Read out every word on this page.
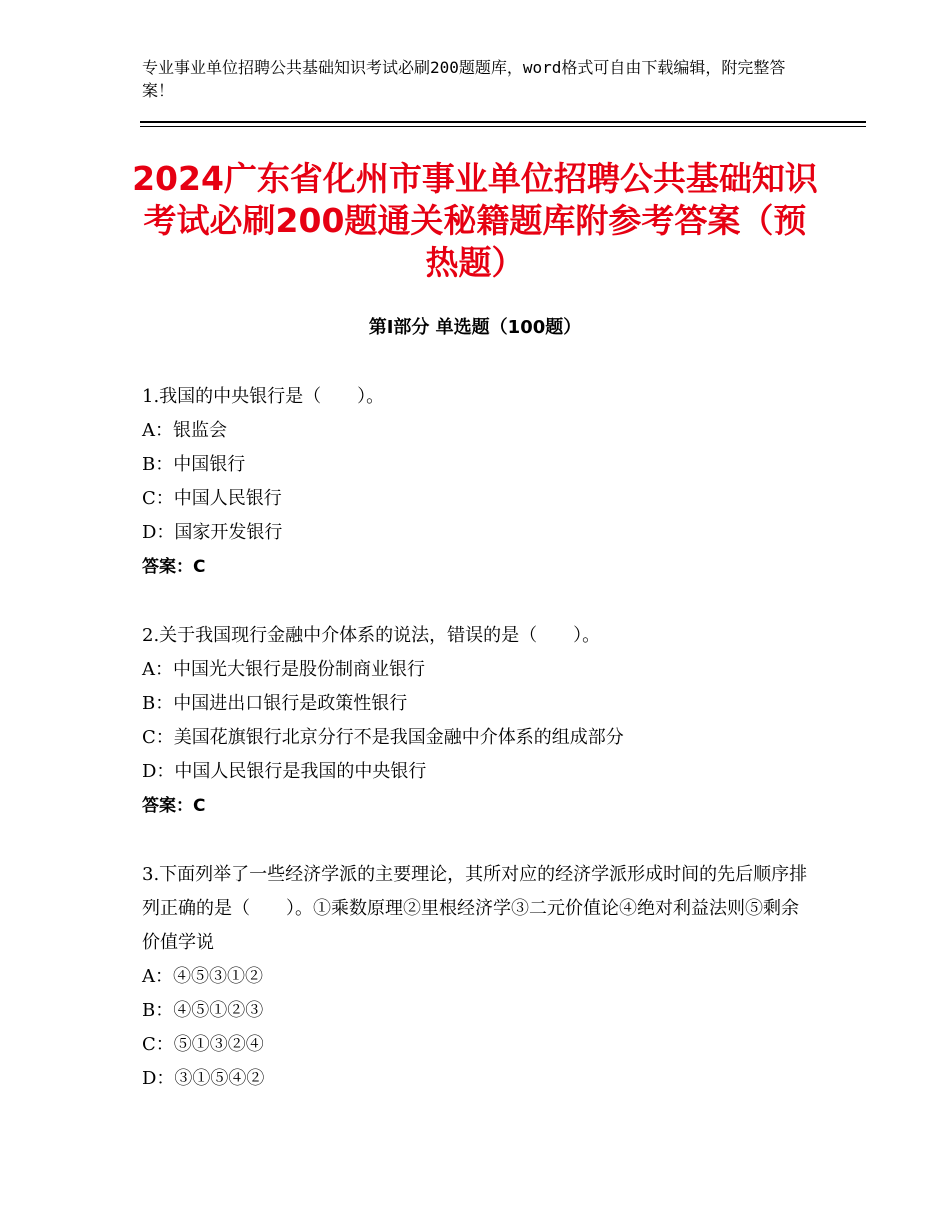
专业事业单位招聘公共基础知识考试必刷200题题库，word格式可自由下载编辑，附完整答案！
2024广东省化州市事业单位招聘公共基础知识考试必刷200题通关秘籍题库附参考答案（预热题）
第Ⅰ部分 单选题（100题）
1.我国的中央银行是（　　）。
A：银监会
B：中国银行
C：中国人民银行
D：国家开发银行
答案：C
2.关于我国现行金融中介体系的说法，错误的是（　　）。
A：中国光大银行是股份制商业银行
B：中国进出口银行是政策性银行
C：美国花旗银行北京分行不是我国金融中介体系的组成部分
D：中国人民银行是我国的中央银行
答案：C
3.下面列举了一些经济学派的主要理论，其所对应的经济学派形成时间的先后顺序排列正确的是（　　）。①乘数原理②里根经济学③二元价值论④绝对利益法则⑤剩余价值学说
A：④⑤③①②
B：④⑤①②③
C：⑤①③②④
D：③①⑤④②
